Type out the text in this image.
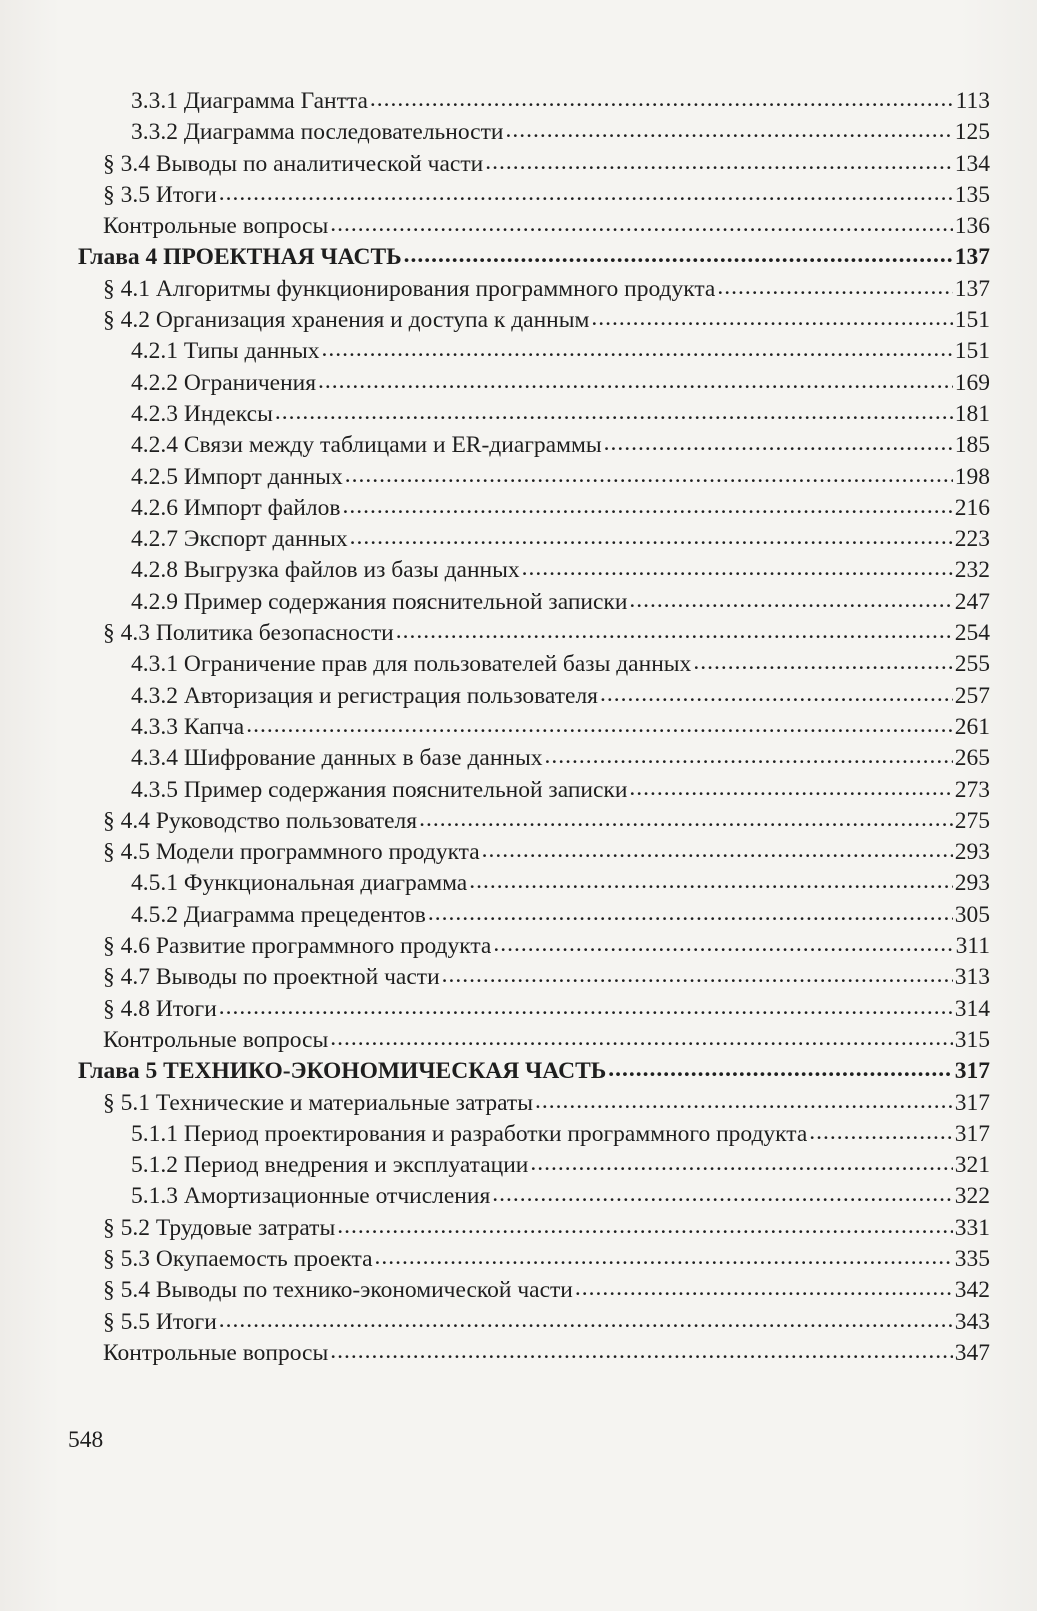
3.3.1 Диаграмма Гантта .....	113
3.3.2 Диаграмма последовательности .....	125
§ 3.4 Выводы по аналитической части .....	134
§ 3.5 Итоги .....	135
Контрольные вопросы .....	136
Глава 4 ПРОЕКТНАЯ ЧАСТЬ .....	137
§ 4.1 Алгоритмы функционирования программного продукта .....	137
§ 4.2 Организация хранения и доступа к данным .....	151
4.2.1 Типы данных .....	151
4.2.2 Ограничения .....	169
4.2.3 Индексы .....	181
4.2.4 Связи между таблицами и ER-диаграммы .....	185
4.2.5 Импорт данных .....	198
4.2.6 Импорт файлов .....	216
4.2.7 Экспорт данных .....	223
4.2.8 Выгрузка файлов из базы данных .....	232
4.2.9 Пример содержания пояснительной записки .....	247
§ 4.3 Политика безопасности .....	254
4.3.1 Ограничение прав для пользователей базы данных .....	255
4.3.2 Авторизация и регистрация пользователя .....	257
4.3.3 Капча .....	261
4.3.4 Шифрование данных в базе данных .....	265
4.3.5 Пример содержания пояснительной записки .....	273
§ 4.4 Руководство пользователя .....	275
§ 4.5 Модели программного продукта .....	293
4.5.1 Функциональная диаграмма .....	293
4.5.2 Диаграмма прецедентов .....	305
§ 4.6 Развитие программного продукта .....	311
§ 4.7 Выводы по проектной части .....	313
§ 4.8 Итоги .....	314
Контрольные вопросы .....	315
Глава 5 ТЕХНИКО-ЭКОНОМИЧЕСКАЯ ЧАСТЬ .....	317
§ 5.1 Технические и материальные затраты .....	317
5.1.1 Период проектирования и разработки программного продукта .....	317
5.1.2 Период внедрения и эксплуатации .....	321
5.1.3 Амортизационные отчисления .....	322
§ 5.2 Трудовые затраты .....	331
§ 5.3 Окупаемость проекта .....	335
§ 5.4 Выводы по технико-экономической части .....	342
§ 5.5 Итоги .....	343
Контрольные вопросы .....	347
548
